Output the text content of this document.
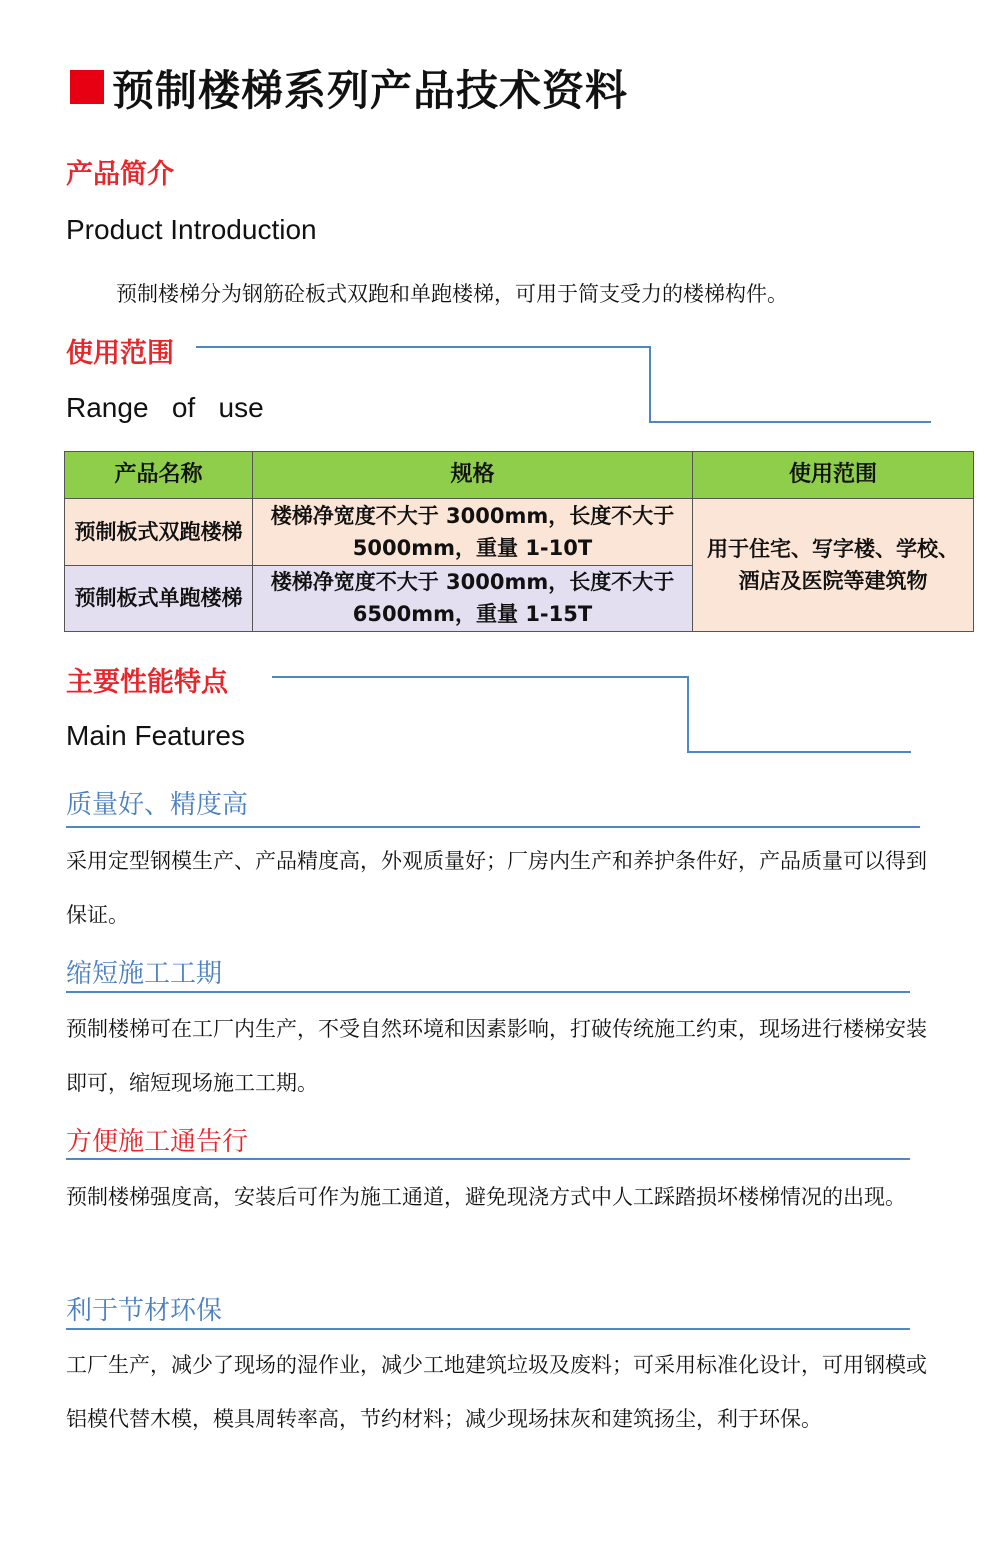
预制楼梯系列产品技术资料
产品简介
Product Introduction
预制楼梯分为钢筋砼板式双跑和单跑楼梯，可用于简支受力的楼梯构件。
使用范围
Range   of   use
产品名称	规格	使用范围
预制板式双跑楼梯	楼梯净宽度不大于 3000mm，长度不大于 5000mm，重量 1-10T	用于住宅、写字楼、学校、酒店及医院等建筑物
预制板式单跑楼梯	楼梯净宽度不大于 3000mm，长度不大于 6500mm，重量 1-15T	
主要性能特点
Main Features
质量好、精度高
采用定型钢模生产、产品精度高，外观质量好；厂房内生产和养护条件好，产品质量可以得到保证。
缩短施工工期
预制楼梯可在工厂内生产，不受自然环境和因素影响，打破传统施工约束，现场进行楼梯安装即可，缩短现场施工工期。
方便施工通告行
预制楼梯强度高，安装后可作为施工通道，避免现浇方式中人工踩踏损坏楼梯情况的出现。
利于节材环保
工厂生产，减少了现场的湿作业，减少工地建筑垃圾及废料；可采用标准化设计，可用钢模或铝模代替木模，模具周转率高，节约材料；减少现场抹灰和建筑扬尘，利于环保。
